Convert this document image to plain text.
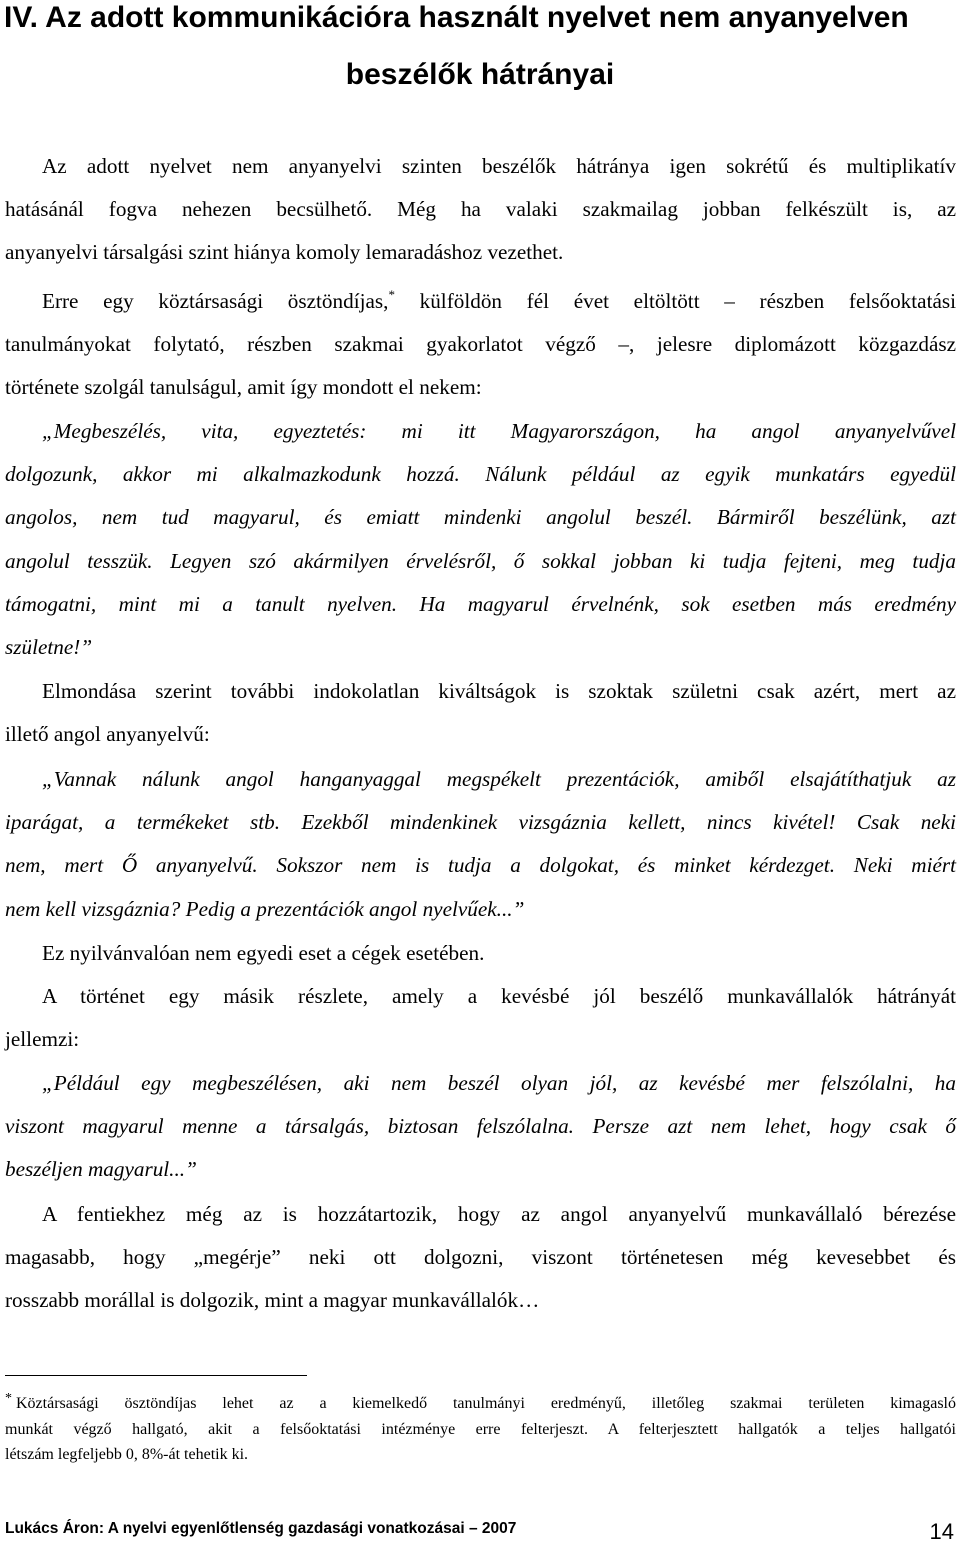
IV. Az adott kommunikációra használt nyelvet nem anyanyelven
beszélők hátrányai
Az adott nyelvet nem anyanyelvi szinten beszélők hátránya igen sokrétű és multiplikatív
hatásánál fogva nehezen becsülhető. Még ha valaki szakmailag jobban felkészült is, az
anyanyelvi társalgási szint hiánya komoly lemaradáshoz vezethet.
Erre egy köztársasági ösztöndíjas,* külföldön fél évet eltöltött – részben felsőoktatási
tanulmányokat folytató, részben szakmai gyakorlatot végző –, jelesre diplomázott közgazdász
története szolgál tanulságul, amit így mondott el nekem:
„Megbeszélés, vita, egyeztetés: mi itt Magyarországon, ha angol anyanyelvűvel
dolgozunk, akkor mi alkalmazkodunk hozzá. Nálunk például az egyik munkatárs egyedül
angolos, nem tud magyarul, és emiatt mindenki angolul beszél. Bármiről beszélünk, azt
angolul tesszük. Legyen szó akármilyen érvelésről, ő sokkal jobban ki tudja fejteni, meg tudja
támogatni, mint mi a tanult nyelven. Ha magyarul érvelnénk, sok esetben más eredmény
születne!”
Elmondása szerint további indokolatlan kiváltságok is szoktak születni csak azért, mert az
illető angol anyanyelvű:
„Vannak nálunk angol hanganyaggal megspékelt prezentációk, amiből elsajátíthatjuk az
iparágat, a termékeket stb. Ezekből mindenkinek vizsgáznia kellett, nincs kivétel! Csak neki
nem, mert Ő anyanyelvű. Sokszor nem is tudja a dolgokat, és minket kérdezget. Neki miért
nem kell vizsgáznia? Pedig a prezentációk angol nyelvűek...”
Ez nyilvánvalóan nem egyedi eset a cégek esetében.
A történet egy másik részlete, amely a kevésbé jól beszélő munkavállalók hátrányát
jellemzi:
„Például egy megbeszélésen, aki nem beszél olyan jól, az kevésbé mer felszólalni, ha
viszont magyarul menne a társalgás, biztosan felszólalna. Persze azt nem lehet, hogy csak ő
beszéljen magyarul...”
A fentiekhez még az is hozzátartozik, hogy az angol anyanyelvű munkavállaló bérezése
magasabb, hogy „megérje” neki ott dolgozni, viszont történetesen még kevesebbet és
rosszabb morállal is dolgozik, mint a magyar munkavállalók…
* Köztársasági ösztöndíjas lehet az a kiemelkedő tanulmányi eredményű, illetőleg szakmai területen kimagasló
munkát végző hallgató, akit a felsőoktatási intézménye erre felterjeszt. A felterjesztett hallgatók a teljes hallgatói
létszám legfeljebb 0, 8%-át tehetik ki.
Lukács Áron: A nyelvi egyenlőtlenség gazdasági vonatkozásai – 2007	14
